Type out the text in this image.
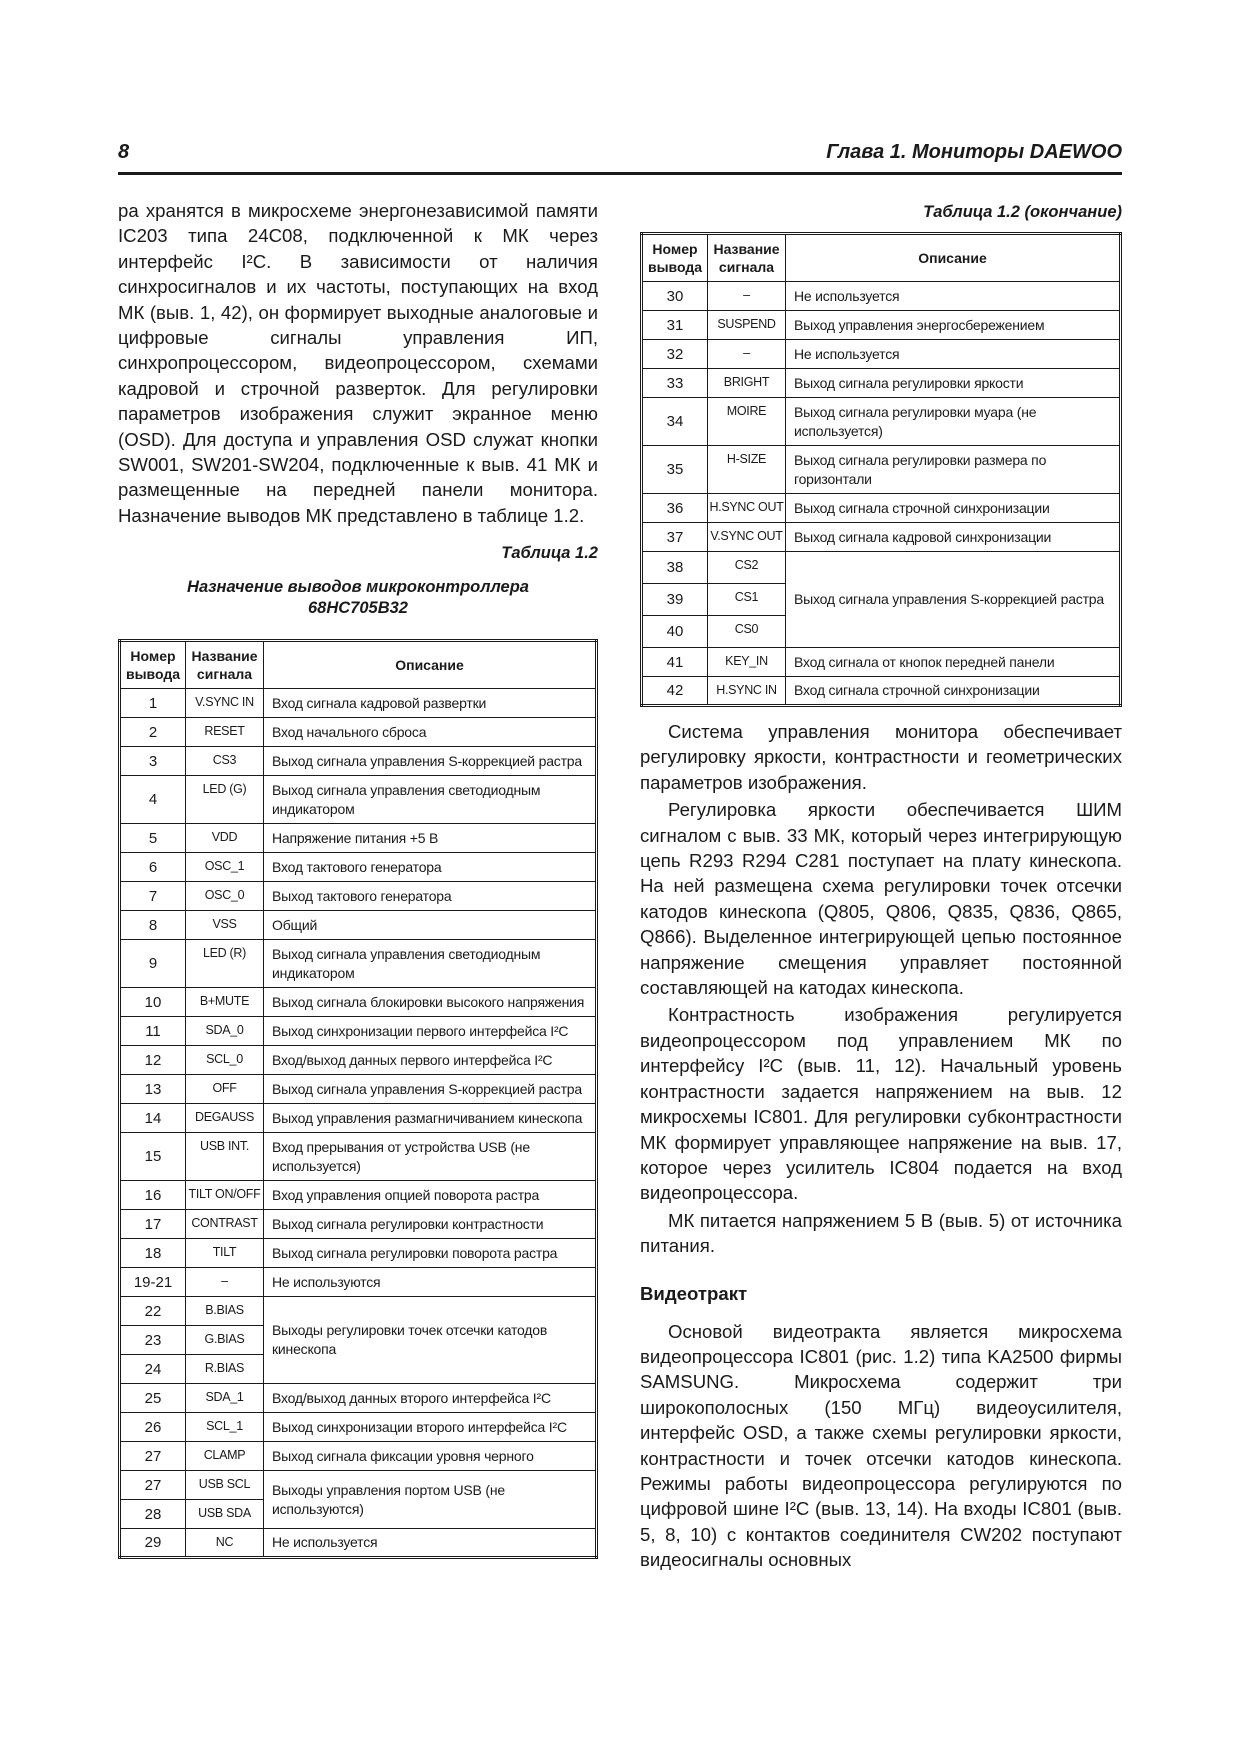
8	Глава 1. Мониторы DAEWOO

ра хранятся в микросхеме энергонезависимой памяти IC203 типа 24C08, подключенной к МК через интерфейс I²C. В зависимости от наличия синхросигналов и их частоты, поступающих на вход МК (выв. 1, 42), он формирует выходные аналоговые и цифровые сигналы управления ИП, синхропроцессором, видеопроцессором, схемами кадровой и строчной разверток. Для регулировки параметров изображения служит экранное меню (OSD). Для доступа и управления OSD служат кнопки SW001, SW201-SW204, подключенные к выв. 41 МК и размещенные на передней панели монитора. Назначение выводов МК представлено в таблице 1.2.

Таблица 1.2
Назначение выводов микроконтроллера
68HC705B32
Номер
вывода	Название
сигнала	Описание
1	V.SYNC IN	Вход сигнала кадровой развертки
2	RESET	Вход начального сброса
3	CS3	Выход сигнала управления S-коррекцией растра
4	LED (G)	Выход сигнала управления светодиодным индикатором
5	VDD	Напряжение питания +5 В
6	OSC_1	Вход тактового генератора
7	OSC_0	Выход тактового генератора
8	VSS	Общий
9	LED (R)	Выход сигнала управления светодиодным индикатором
10	B+MUTE	Выход сигнала блокировки высокого напряжения
11	SDA_0	Выход синхронизации первого интерфейса I²C
12	SCL_0	Вход/выход данных первого интерфейса I²C
13	OFF	Выход сигнала управления S-коррекцией растра
14	DEGAUSS	Выход управления размагничиванием кинескопа
15	USB INT.	Вход прерывания от устройства USB (не используется)
16	TILT ON/OFF	Вход управления опцией поворота растра
17	CONTRAST	Выход сигнала регулировки контрастности
18	TILT	Выход сигнала регулировки поворота растра
19-21	–	Не используются
22	B.BIAS	Выходы регулировки точек отсечки катодов кинескопа
23	G.BIAS	
24	R.BIAS	
25	SDA_1	Вход/выход данных второго интерфейса I²C
26	SCL_1	Выход синхронизации второго интерфейса I²C
27	CLAMP	Выход сигнала фиксации уровня черного
27	USB SCL	Выходы управления портом USB (не используются)
28	USB SDA	
29	NC	Не используется
Таблица 1.2 (окончание)
Номер
вывода	Название
сигнала	Описание
30	–	Не используется
31	SUSPEND	Выход управления энергосбережением
32	–	Не используется
33	BRIGHT	Выход сигнала регулировки яркости
34	MOIRE	Выход сигнала регулировки муара (не используется)
35	H-SIZE	Выход сигнала регулировки размера по горизонтали
36	H.SYNC OUT	Выход сигнала строчной синхронизации
37	V.SYNC OUT	Выход сигнала кадровой синхронизации
38	CS2	Выход сигнала управления S-коррекцией растра
39	CS1	
40	CS0	
41	KEY_IN	Вход сигнала от кнопок передней панели
42	H.SYNC IN	Вход сигнала строчной синхронизации

Система управления монитора обеспечивает регулировку яркости, контрастности и геометрических параметров изображения.

Регулировка яркости обеспечивается ШИМ сигналом с выв. 33 МК, который через интегрирующую цепь R293 R294 C281 поступает на плату кинескопа. На ней размещена схема регулировки точек отсечки катодов кинескопа (Q805, Q806, Q835, Q836, Q865, Q866). Выделенное интегрирующей цепью постоянное напряжение смещения управляет постоянной составляющей на катодах кинескопа.

Контрастность изображения регулируется видеопроцессором под управлением МК по интерфейсу I²C (выв. 11, 12). Начальный уровень контрастности задается напряжением на выв. 12 микросхемы IC801. Для регулировки субконтрастности МК формирует управляющее напряжение на выв. 17, которое через усилитель IC804 подается на вход видеопроцессора.

МК питается напряжением 5 В (выв. 5) от источника питания.

Видеотракт

Основой видеотракта является микросхема видеопроцессора IC801 (рис. 1.2) типа KA2500 фирмы SAMSUNG. Микросхема содержит три широкополосных (150 МГц) видеоусилителя, интерфейс OSD, а также схемы регулировки яркости, контрастности и точек отсечки катодов кинескопа. Режимы работы видеопроцессора регулируются по цифровой шине I²C (выв. 13, 14). На входы IC801 (выв. 5, 8, 10) с контактов соединителя CW202 поступают видеосигналы основных
